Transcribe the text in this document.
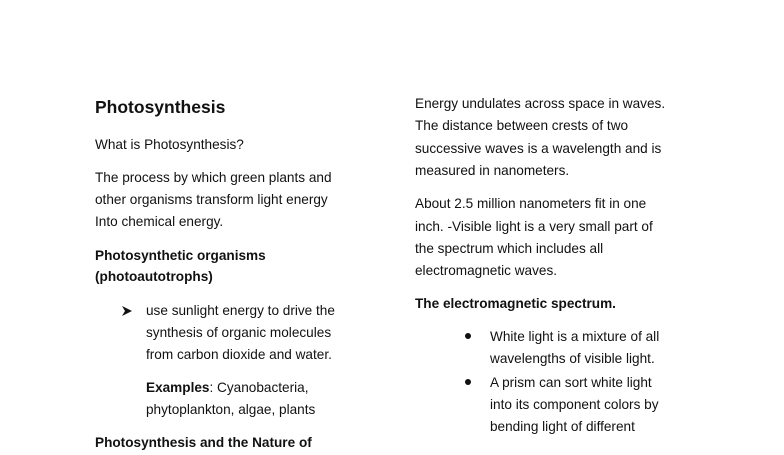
Photosynthesis
What is Photosynthesis?
The process by which green plants and
other organisms transform light energy
Into chemical energy.
Photosynthetic organisms
(photoautotrophs)
use sunlight energy to drive the
synthesis of organic molecules
from carbon dioxide and water.
Examples: Cyanobacteria,
phytoplankton, algae, plants
Photosynthesis and the Nature of
Energy undulates across space in waves.
The distance between crests of two
successive waves is a wavelength and is
measured in nanometers.
About 2.5 million nanometers fit in one
inch. -Visible light is a very small part of
the spectrum which includes all
electromagnetic waves.
The electromagnetic spectrum.
White light is a mixture of all
wavelengths of visible light.
A prism can sort white light
into its component colors by
bending light of different
